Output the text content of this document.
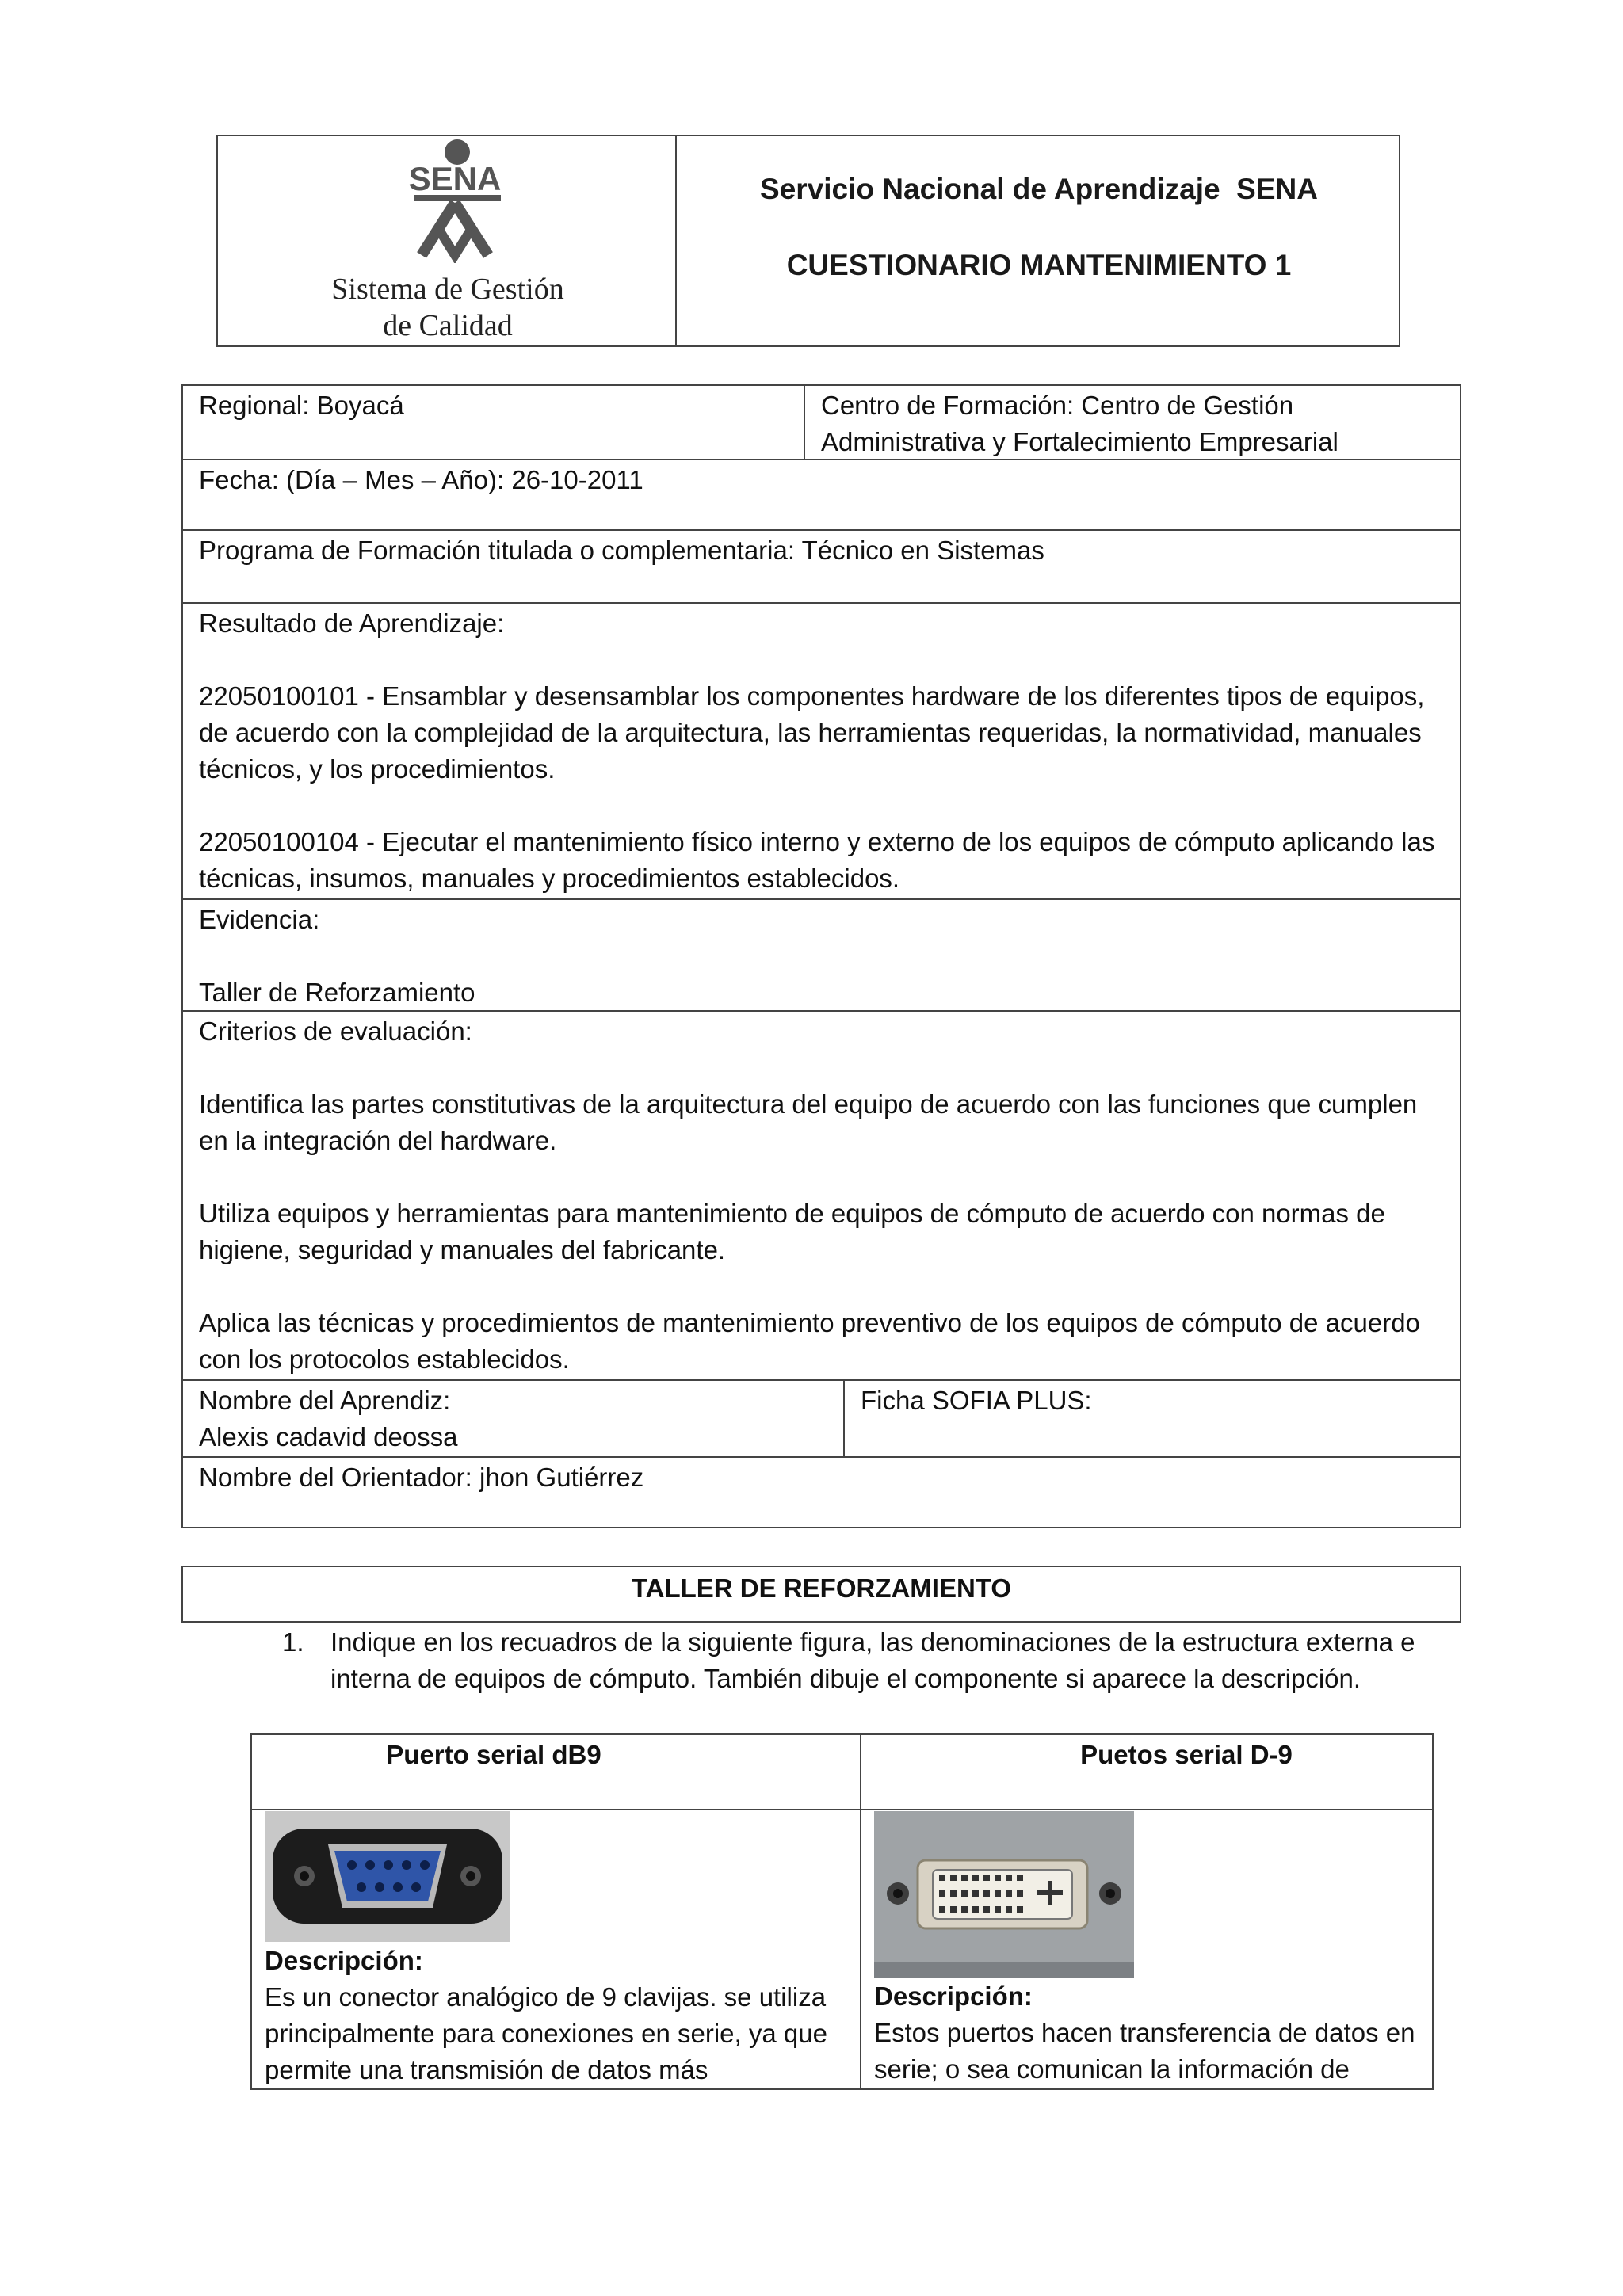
SENA
Sistema de Gestión
de Calidad
Servicio Nacional de Aprendizaje  SENA
CUESTIONARIO MANTENIMIENTO 1
Regional: Boyacá	Centro de Formación: Centro de Gestión
Administrativa y Fortalecimiento Empresarial
Fecha: (Día – Mes – Año): 26-10-2011
Programa de Formación titulada o complementaria: Técnico en Sistemas

Resultado de Aprendizaje:

22050100101 - Ensamblar y desensamblar los componentes hardware de los diferentes tipos de equipos, de acuerdo con la complejidad de la arquitectura, las herramientas requeridas, la normatividad, manuales técnicos, y los procedimientos.

22050100104 - Ejecutar el mantenimiento físico interno y externo de los equipos de cómputo aplicando las técnicas, insumos, manuales y procedimientos establecidos.

Evidencia:

Taller de Reforzamiento

Criterios de evaluación:

Identifica las partes constitutivas de la arquitectura del equipo de acuerdo con las funciones que cumplen en la integración del hardware.

Utiliza equipos y herramientas para mantenimiento de equipos de cómputo de acuerdo con normas de higiene, seguridad y manuales del fabricante.

Aplica las técnicas y procedimientos de mantenimiento preventivo de los equipos de cómputo de acuerdo con los protocolos establecidos.

Nombre del Aprendiz:
Alexis cadavid deossa
Ficha SOFIA PLUS:
Nombre del Orientador: jhon Gutiérrez
TALLER DE REFORZAMIENTO
1. Indique en los recuadros de la siguiente figura, las denominaciones de la estructura externa e interna de equipos de cómputo. También dibuje el componente si aparece la descripción.
Puerto serial dB9	Puetos serial D-9
Descripción:
Es un conector analógico de 9 clavijas. se utiliza principalmente para conexiones en serie, ya que permite una transmisión de datos más
Descripción:
Estos puertos hacen transferencia de datos en serie; o sea comunican la información de
